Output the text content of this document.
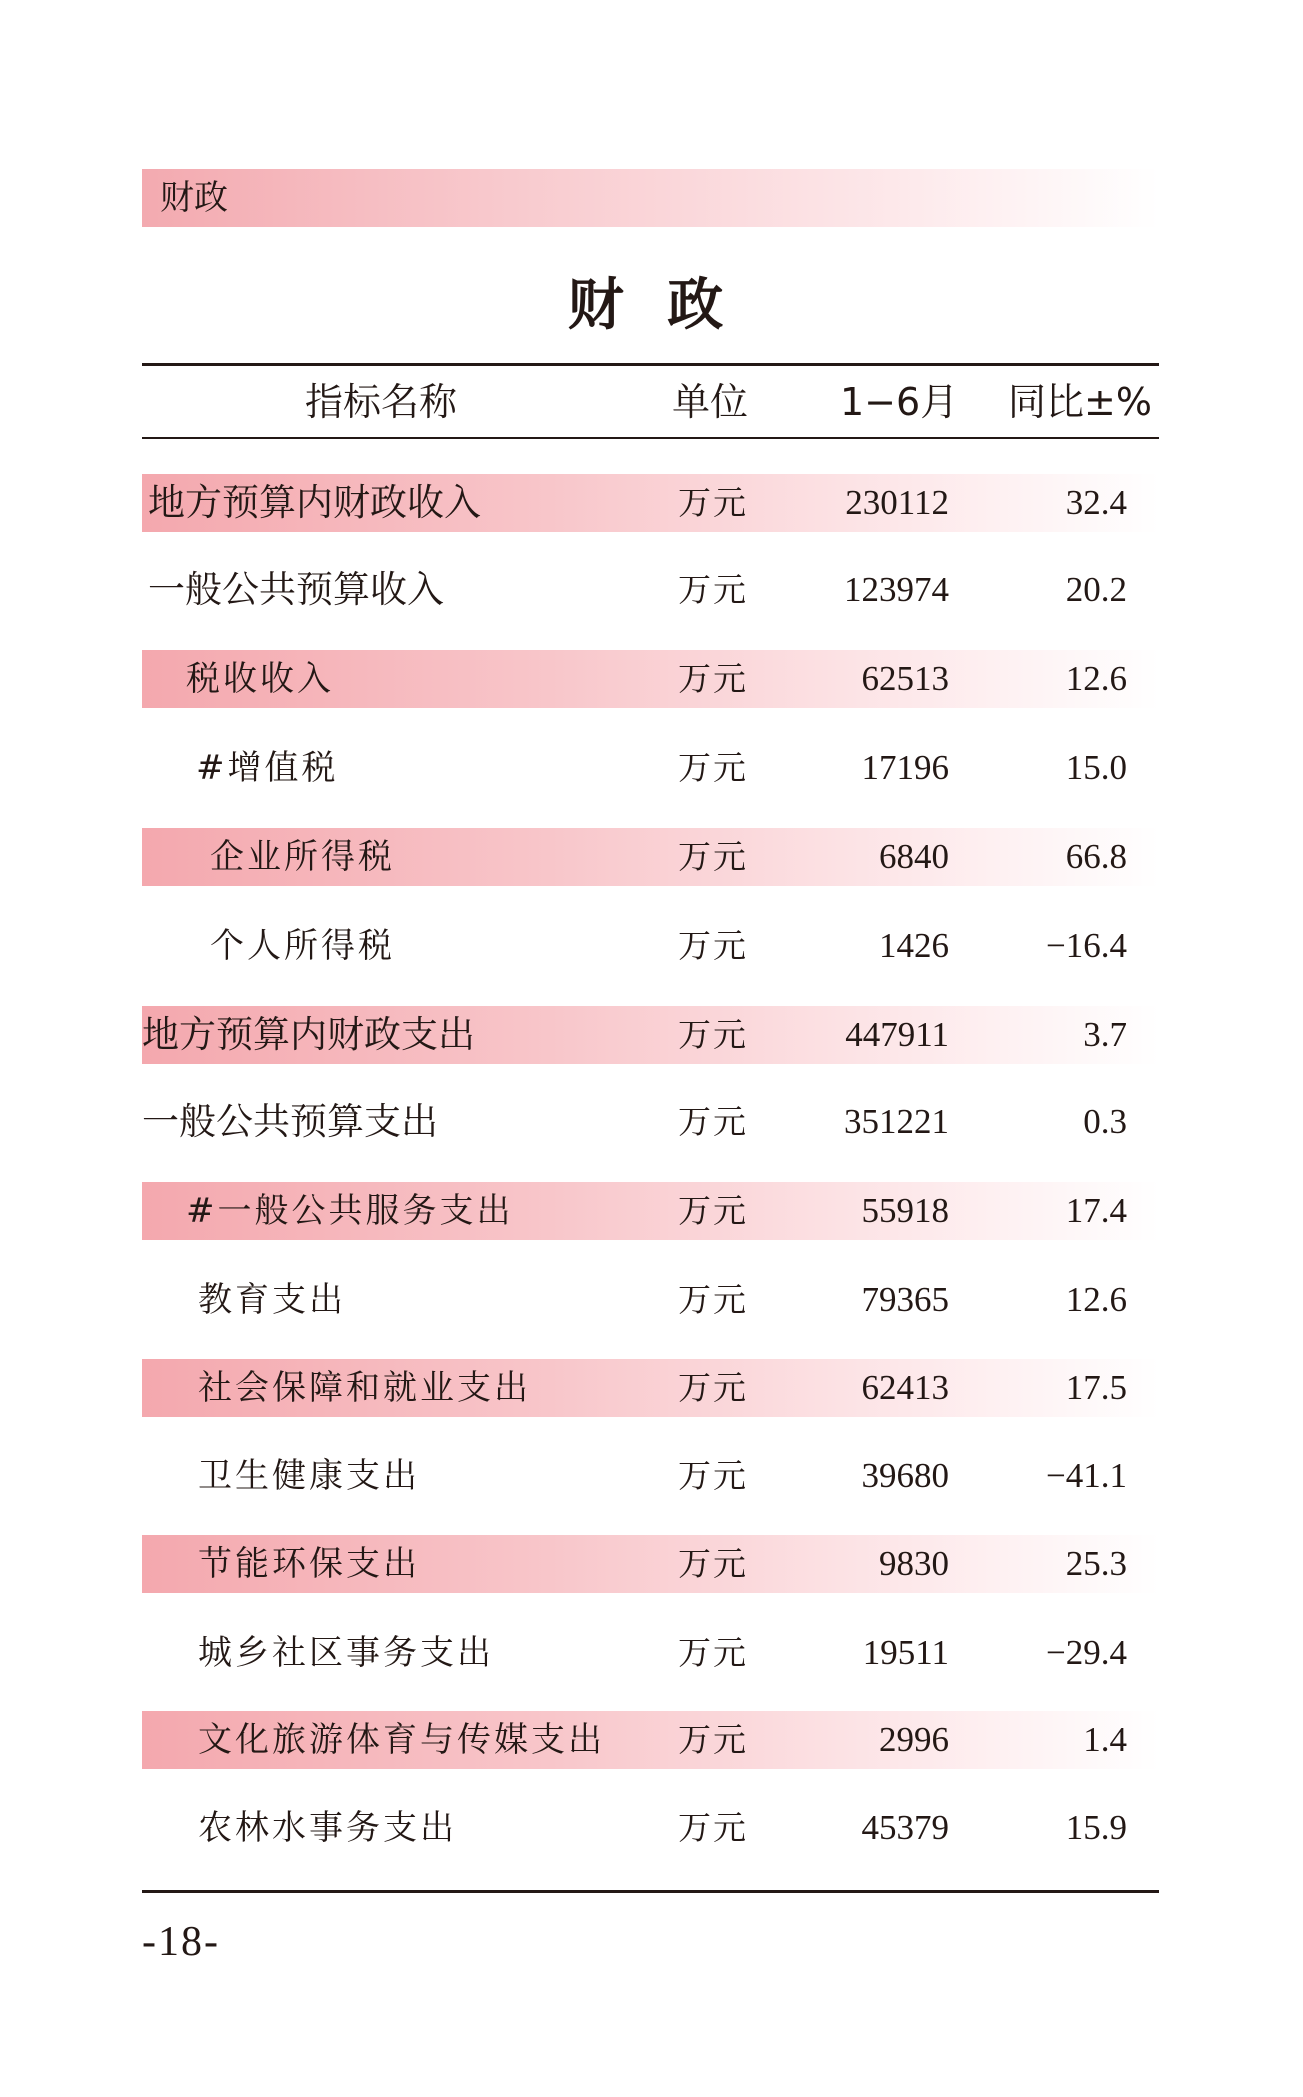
财政
财 政
指标名称	单位 1−6月 同比±%
地方预算内财政收入	万元	230112	32.4
一般公共预算收入	万元	123974	20.2
税收收入	万元	62513	12.6
#增值税	万元	17196	15.0
企业所得税	万元	6840	66.8
个人所得税	万元	1426	−16.4
地方预算内财政支出	万元	447911	3.7
一般公共预算支出	万元	351221	0.3
#一般公共服务支出	万元	55918	17.4
教育支出	万元	79365	12.6
社会保障和就业支出	万元	62413	17.5
卫生健康支出	万元	39680	−41.1
节能环保支出	万元	9830	25.3
城乡社区事务支出	万元	19511	−29.4
文化旅游体育与传媒支出 万元	2996	1.4
农林水事务支出	万元	45379	15.9
-18-
